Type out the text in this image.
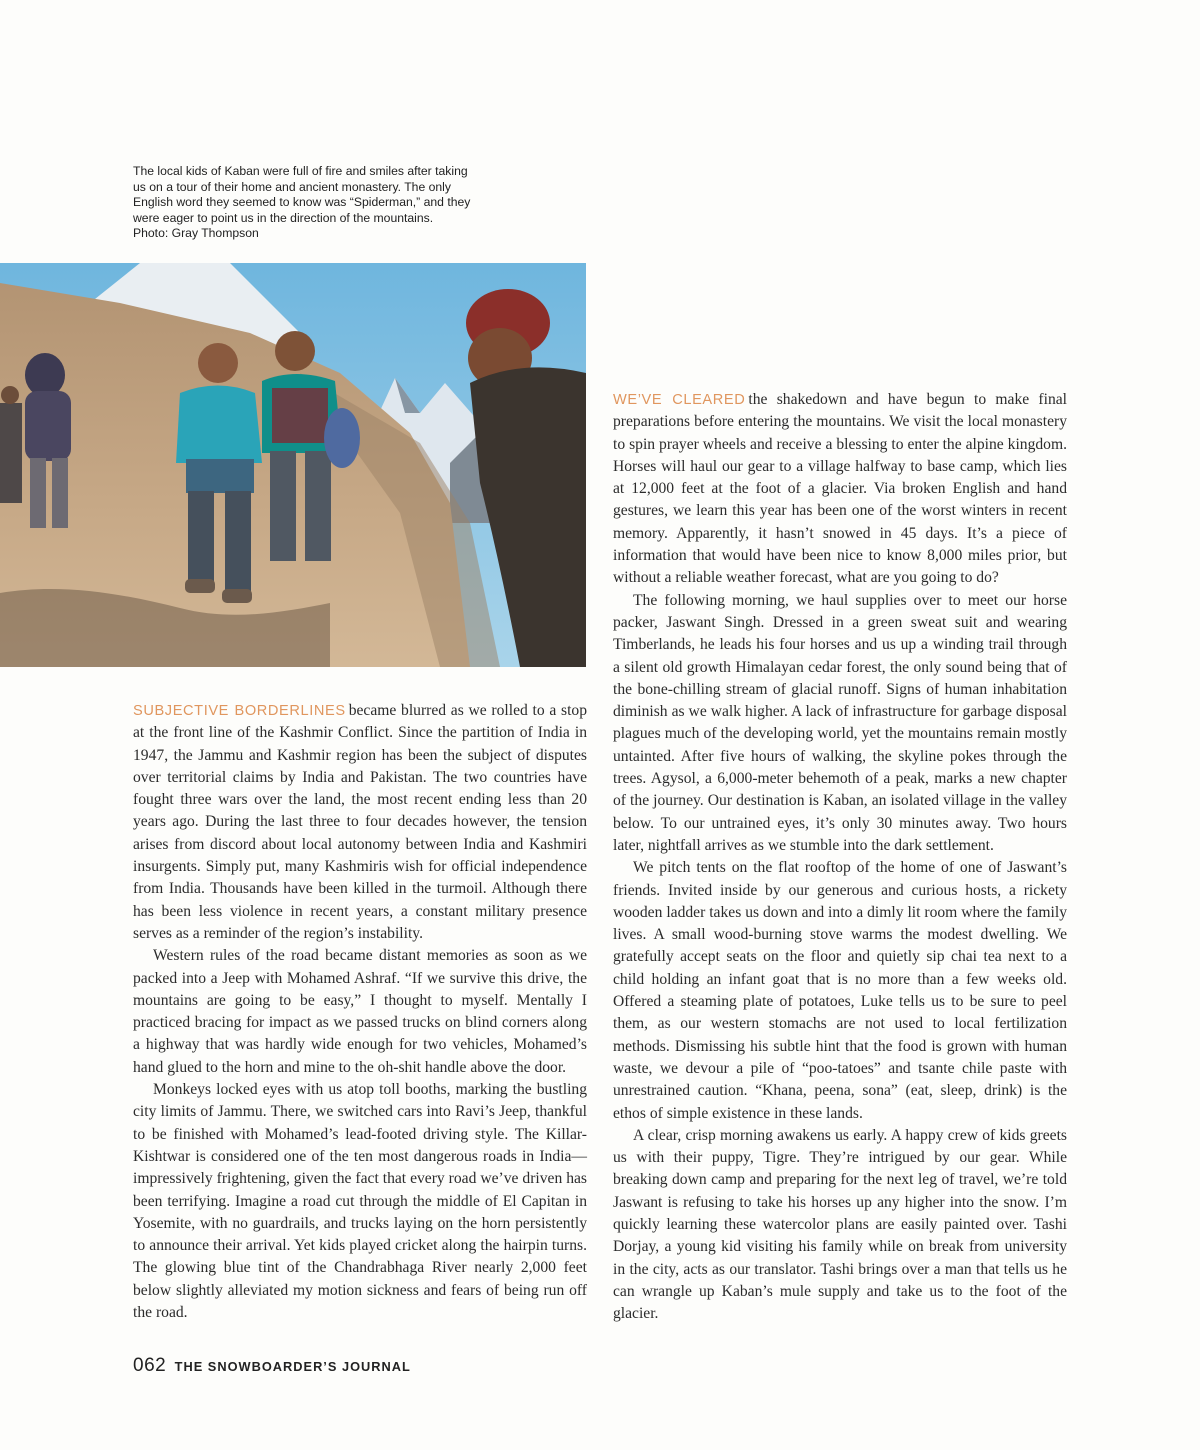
The local kids of Kaban were full of fire and smiles after taking

us on a tour of their home and ancient monastery. The only

English word they seemed to know was “Spiderman,” and they

were eager to point us in the direction of the mountains.

Photo: Gray Thompson

SUBJECTIVE BORDERLINES became blurred as we rolled to a stop at the front line of the Kashmir Conflict. Since the partition of India in 1947, the Jammu and Kashmir region has been the subject of disputes over territorial claims by India and Pakistan. The two countries have fought three wars over the land, the most recent ending less than 20 years ago. During the last three to four decades however, the tension arises from discord about local autonomy between India and Kashmiri insurgents. Simply put, many Kashmiris wish for official independence from India. Thousands have been killed in the turmoil. Although there has been less violence in recent years, a constant military presence serves as a reminder of the region’s instability.

Western rules of the road became distant memories as soon as we packed into a Jeep with Mohamed Ashraf. “If we survive this drive, the mountains are going to be easy,” I thought to myself. Mentally I practiced bracing for impact as we passed trucks on blind corners along a highway that was hardly wide enough for two vehicles, Mohamed’s hand glued to the horn and mine to the oh-shit handle above the door.

Monkeys locked eyes with us atop toll booths, marking the bustling city limits of Jammu. There, we switched cars into Ravi’s Jeep, thankful to be finished with Mohamed’s lead-footed driving style. The Killar-Kishtwar is considered one of the ten most dangerous roads in India—impressively frightening, given the fact that every road we’ve driven has been terrifying. Imagine a road cut through the middle of El Capitan in Yosemite, with no guardrails, and trucks laying on the horn persistently to announce their arrival. Yet kids played cricket along the hairpin turns. The glowing blue tint of the Chandrabhaga River nearly 2,000 feet below slightly alleviated my motion sickness and fears of being run off the road.

WE’VE CLEARED the shakedown and have begun to make final preparations before entering the mountains. We visit the local monastery to spin prayer wheels and receive a blessing to enter the alpine kingdom. Horses will haul our gear to a village halfway to base camp, which lies at 12,000 feet at the foot of a glacier. Via broken English and hand gestures, we learn this year has been one of the worst winters in recent memory. Apparently, it hasn’t snowed in 45 days. It’s a piece of information that would have been nice to know 8,000 miles prior, but without a reliable weather forecast, what are you going to do?

The following morning, we haul supplies over to meet our horse packer, Jaswant Singh. Dressed in a green sweat suit and wearing Timberlands, he leads his four horses and us up a winding trail through a silent old growth Himalayan cedar forest, the only sound being that of the bone-chilling stream of glacial runoff. Signs of human inhabitation diminish as we walk higher. A lack of infrastructure for garbage disposal plagues much of the developing world, yet the mountains remain mostly untainted. After five hours of walking, the skyline pokes through the trees. Agysol, a 6,000-meter behemoth of a peak, marks a new chapter of the journey. Our destination is Kaban, an isolated village in the valley below. To our untrained eyes, it’s only 30 minutes away. Two hours later, nightfall arrives as we stumble into the dark settlement.

We pitch tents on the flat rooftop of the home of one of Jaswant’s friends. Invited inside by our generous and curious hosts, a rickety wooden ladder takes us down and into a dimly lit room where the family lives. A small wood-burning stove warms the modest dwelling. We gratefully accept seats on the floor and quietly sip chai tea next to a child holding an infant goat that is no more than a few weeks old. Offered a steaming plate of potatoes, Luke tells us to be sure to peel them, as our western stomachs are not used to local fertilization methods. Dismissing his subtle hint that the food is grown with human waste, we devour a pile of “poo-tatoes” and tsante chile paste with unrestrained caution. “Khana, peena, sona” (eat, sleep, drink) is the ethos of simple existence in these lands.

A clear, crisp morning awakens us early. A happy crew of kids greets us with their puppy, Tigre. They’re intrigued by our gear. While breaking down camp and preparing for the next leg of travel, we’re told Jaswant is refusing to take his horses up any higher into the snow. I’m quickly learning these watercolor plans are easily painted over. Tashi Dorjay, a young kid visiting his family while on break from university in the city, acts as our translator. Tashi brings over a man that tells us he can wrangle up Kaban’s mule supply and take us to the foot of the glacier.

062 THE SNOWBOARDER’S JOURNAL
